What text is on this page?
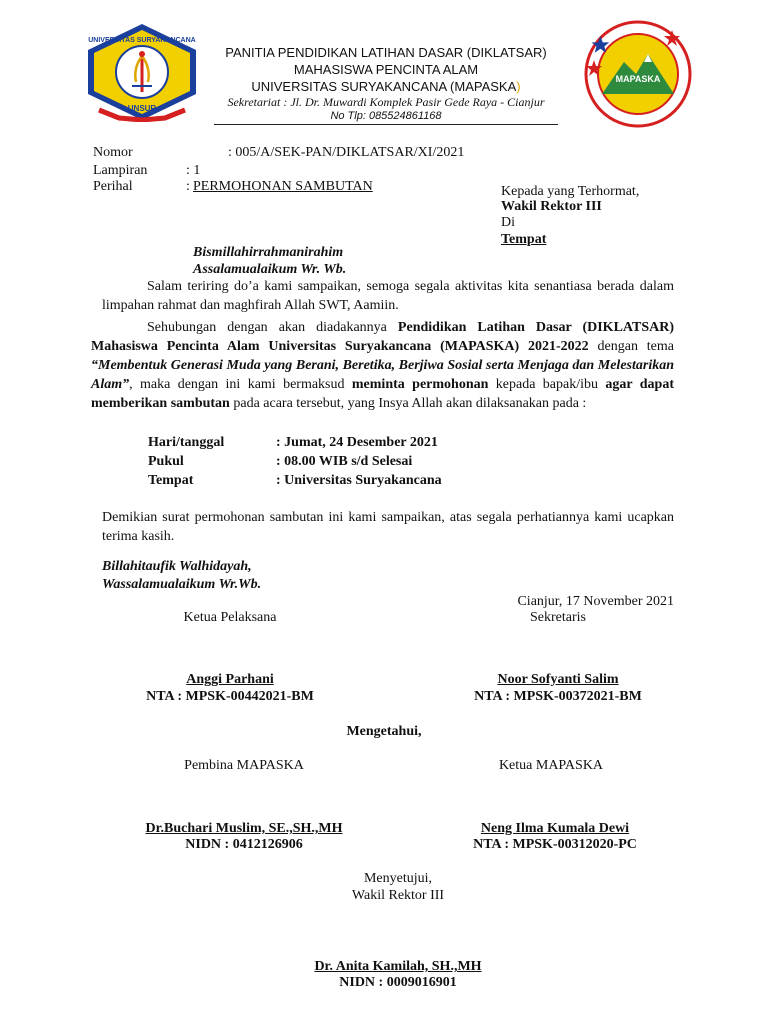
UNIVERSITAS SURYAKANCANA
UNSUR
PANITIA PENDIDIKAN LATIHAN DASAR (DIKLATSAR)
MAHASISWA PENCINTA ALAM
UNIVERSITAS SURYAKANCANA (MAPASKA)
Sekretariat : Jl. Dr. Muwardi Komplek Pasir Gede Raya - Cianjur
No Tlp: 085524861168
MAPASKA
Nomor	: 005/A/SEK-PAN/DIKLATSAR/XI/2021
Lampiran	: 1
Perihal	: PERMOHONAN SAMBUTAN	Kepada yang Terhormat,
Wakil Rektor III
Di
Tempat
Bismillahirrahmanirahim
Assalamualaikum Wr. Wb.
Salam teriring do’a kami sampaikan, semoga segala aktivitas kita senantiasa berada dalam limpahan rahmat dan maghfirah Allah SWT, Aamiin.
Sehubungan dengan akan diadakannya Pendidikan Latihan Dasar (DIKLATSAR) Mahasiswa Pencinta Alam Universitas Suryakancana (MAPASKA) 2021-2022 dengan tema “Membentuk Generasi Muda yang Berani, Beretika, Berjiwa Sosial serta Menjaga dan Melestarikan Alam”, maka dengan ini kami bermaksud meminta permohonan kepada bapak/ibu agar dapat memberikan sambutan pada acara tersebut, yang Insya Allah akan dilaksanakan pada :
Hari/tanggal	: Jumat, 24 Desember 2021
Pukul	: 08.00 WIB s/d Selesai
Tempat	: Universitas Suryakancana
Demikian surat permohonan sambutan ini kami sampaikan, atas segala perhatiannya kami ucapkan terima kasih.
Billahitaufik Walhidayah,
Wassalamualaikum Wr.Wb.
Cianjur, 17 November 2021
Ketua Pelaksana	Sekretaris
Anggi Parhani
NTA : MPSK-00442021-BM
Noor Sofyanti Salim
NTA : MPSK-00372021-BM
Mengetahui,
Pembina MAPASKA	Ketua MAPASKA
Dr.Buchari Muslim, SE.,SH.,MH
NIDN : 0412126906
Neng Ilma Kumala Dewi
NTA : MPSK-00312020-PC
Menyetujui,
Wakil Rektor III
Dr. Anita Kamilah, SH.,MH
NIDN : 0009016901
